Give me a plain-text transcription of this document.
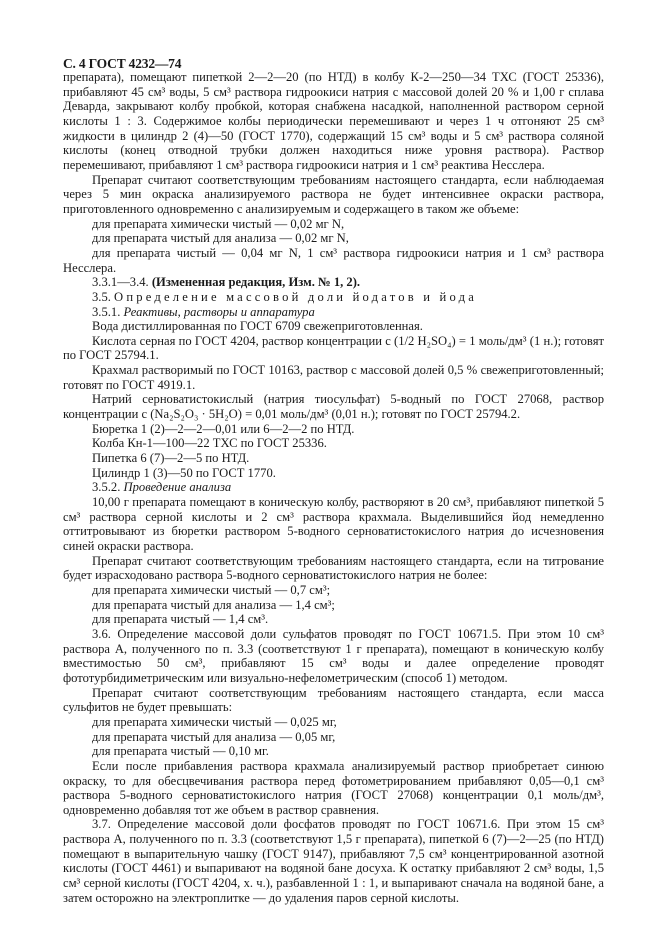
С. 4 ГОСТ 4232—74

препарата), помещают пипеткой 2—2—20 (по НТД) в колбу К-2—250—34 ТХС (ГОСТ 25336), прибавляют 45 см³ воды, 5 см³ раствора гидроокиси натрия с массовой долей 20 % и 1,00 г сплава Деварда, закрывают колбу пробкой, которая снабжена насадкой, наполненной раствором серной кислоты 1 : 3. Содержимое колбы периодически перемешивают и через 1 ч отгоняют 25 см³ жидкости в цилиндр 2 (4)—50 (ГОСТ 1770), содержащий 15 см³ воды и 5 см³ раствора соляной кислоты (конец отводной трубки должен находиться ниже уровня раствора). Раствор перемешивают, прибавляют 1 см³ раствора гидроокиси натрия и 1 см³ реактива Несслера.

Препарат считают соответствующим требованиям настоящего стандарта, если наблюдаемая через 5 мин окраска анализируемого раствора не будет интенсивнее окраски раствора, приготовленного одновременно с анализируемым и содержащего в таком же объеме:

для препарата химически чистый — 0,02 мг N,

для препарата чистый для анализа — 0,02 мг N,

для препарата чистый — 0,04 мг N, 1 см³ раствора гидроокиси натрия и 1 см³ раствора Несслера.

3.3.1—3.4. (Измененная редакция, Изм. № 1, 2).

3.5. Определение массовой доли йодатов и йода

3.5.1. Реактивы, растворы и аппаратура

Вода дистиллированная по ГОСТ 6709 свежеприготовленная.

Кислота серная по ГОСТ 4204, раствор концентрации c (1/2 H₂SO₄) = 1 моль/дм³ (1 н.); готовят по ГОСТ 25794.1.

Крахмал растворимый по ГОСТ 10163, раствор с массовой долей 0,5 % свежеприготовленный; готовят по ГОСТ 4919.1.

Натрий серноватистокислый (натрия тиосульфат) 5-водный по ГОСТ 27068, раствор концентрации c (Na₂S₂O₃ · 5H₂O) = 0,01 моль/дм³ (0,01 н.); готовят по ГОСТ 25794.2.

Бюретка 1 (2)—2—2—0,01 или 6—2—2 по НТД.

Колба Кн-1—100—22 ТХС по ГОСТ 25336.

Пипетка 6 (7)—2—5 по НТД.

Цилиндр 1 (3)—50 по ГОСТ 1770.

3.5.2. Проведение анализа

10,00 г препарата помещают в коническую колбу, растворяют в 20 см³, прибавляют пипеткой 5 см³ раствора серной кислоты и 2 см³ раствора крахмала. Выделившийся йод немедленно оттитровывают из бюретки раствором 5-водного серноватистокислого натрия до исчезновения синей окраски раствора.

Препарат считают соответствующим требованиям настоящего стандарта, если на титрование будет израсходовано раствора 5-водного серноватистокислого натрия не более:

для препарата химически чистый — 0,7 см³;

для препарата чистый для анализа — 1,4 см³;

для препарата чистый — 1,4 см³.

3.6. Определение массовой доли сульфатов проводят по ГОСТ 10671.5. При этом 10 см³ раствора А, полученного по п. 3.3 (соответствуют 1 г препарата), помещают в коническую колбу вместимостью 50 см³, прибавляют 15 см³ воды и далее определение проводят фототурбидиметрическим или визуально-нефелометрическим (способ 1) методом.

Препарат считают соответствующим требованиям настоящего стандарта, если масса сульфитов не будет превышать:

для препарата химически чистый — 0,025 мг,

для препарата чистый для анализа — 0,05 мг,

для препарата чистый — 0,10 мг.

Если после прибавления раствора крахмала анализируемый раствор приобретает синюю окраску, то для обесцвечивания раствора перед фотометрированием прибавляют 0,05—0,1 см³ раствора 5-водного серноватистокислого натрия (ГОСТ 27068) концентрации 0,1 моль/дм³, одновременно добавляя тот же объем в раствор сравнения.

3.7. Определение массовой доли фосфатов проводят по ГОСТ 10671.6. При этом 15 см³ раствора А, полученного по п. 3.3 (соответствуют 1,5 г препарата), пипеткой 6 (7)—2—25 (по НТД) помещают в выпарительную чашку (ГОСТ 9147), прибавляют 7,5 см³ концентрированной азотной кислоты (ГОСТ 4461) и выпаривают на водяной бане досуха. К остатку прибавляют 2 см³ воды, 1,5 см³ серной кислоты (ГОСТ 4204, х. ч.), разбавленной 1 : 1, и выпаривают сначала на водяной бане, а затем осторожно на электроплитке — до удаления паров серной кислоты.
